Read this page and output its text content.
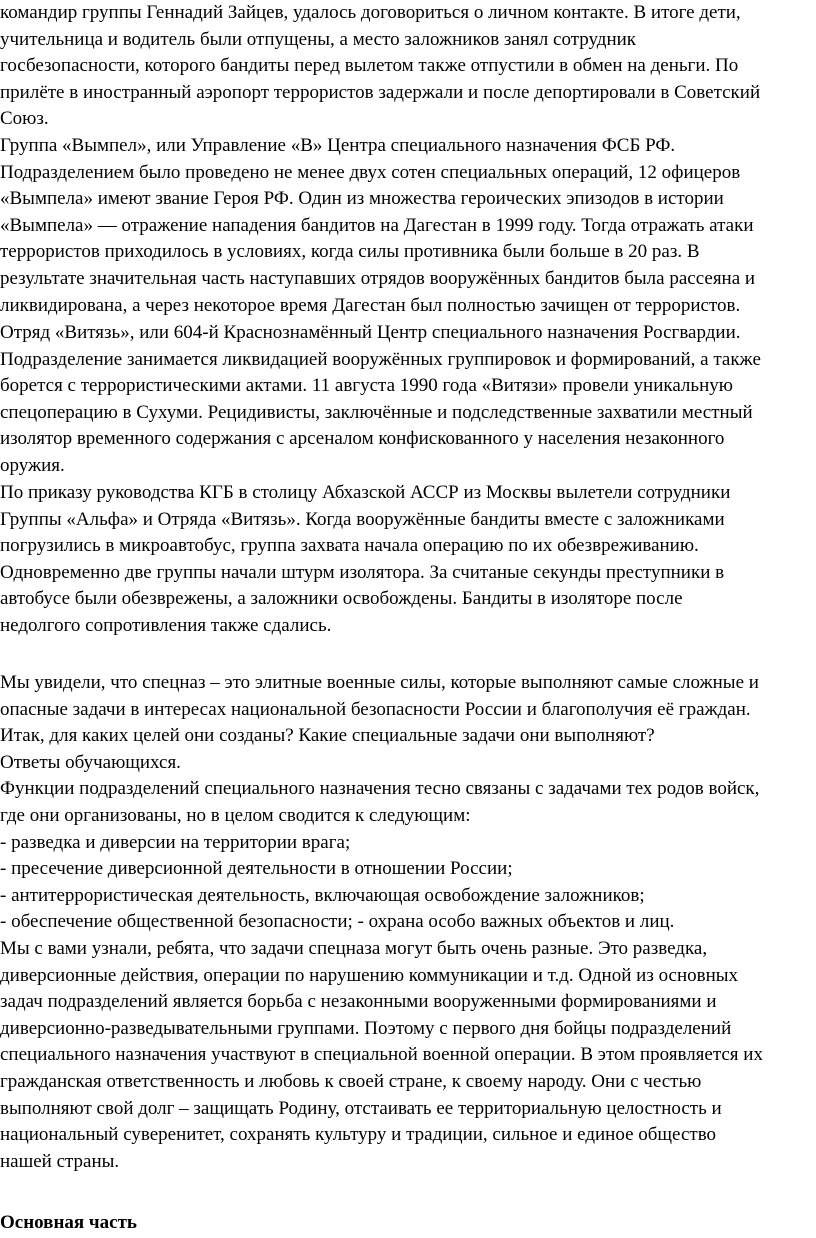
командир группы Геннадий Зайцев, удалось договориться о личном контакте. В итоге дети,
учительница и водитель были отпущены, а место заложников занял сотрудник
госбезопасности, которого бандиты перед вылетом также отпустили в обмен на деньги. По
прилёте в иностранный аэропорт террористов задержали и после депортировали в Советский
Союз.
Группа «Вымпел», или Управление «В» Центра специального назначения ФСБ РФ.
Подразделением было проведено не менее двух сотен специальных операций, 12 офицеров
«Вымпела» имеют звание Героя РФ. Один из множества героических эпизодов в истории
«Вымпела» — отражение нападения бандитов на Дагестан в 1999 году. Тогда отражать атаки
террористов приходилось в условиях, когда силы противника были больше в 20 раз. В
результате значительная часть наступавших отрядов вооружённых бандитов была рассеяна и
ликвидирована, а через некоторое время Дагестан был полностью зачищен от террористов.
Отряд «Витязь», или 604-й Краснознамённый Центр специального назначения Росгвардии.
Подразделение занимается ликвидацией вооружённых группировок и формирований, а также
борется с террористическими актами. 11 августа 1990 года «Витязи» провели уникальную
спецоперацию в Сухуми. Рецидивисты, заключённые и подследственные захватили местный
изолятор временного содержания с арсеналом конфискованного у населения незаконного
оружия.
По приказу руководства КГБ в столицу Абхазской АССР из Москвы вылетели сотрудники
Группы «Альфа» и Отряда «Витязь». Когда вооружённые бандиты вместе с заложниками
погрузились в микроавтобус, группа захвата начала операцию по их обезвреживанию.
Одновременно две группы начали штурм изолятора. За считаные секунды преступники в
автобусе были обезврежены, а заложники освобождены. Бандиты в изоляторе после
недолгого сопротивления также сдались.
Мы увидели, что спецназ – это элитные военные силы, которые выполняют самые сложные и
опасные задачи в интересах национальной безопасности России и благополучия её граждан.
Итак, для каких целей они созданы? Какие специальные задачи они выполняют?
Ответы обучающихся.
Функции подразделений специального назначения тесно связаны с задачами тех родов войск,
где они организованы, но в целом сводится к следующим:
- разведка и диверсии на территории врага;
- пресечение диверсионной деятельности в отношении России;
- антитеррористическая деятельность, включающая освобождение заложников;
- обеспечение общественной безопасности; - охрана особо важных объектов и лиц.
Мы с вами узнали, ребята, что задачи спецназа могут быть очень разные. Это разведка,
диверсионные действия, операции по нарушению коммуникации и т.д. Одной из основных
задач подразделений является борьба с незаконными вооруженными формированиями и
диверсионно-разведывательными группами. Поэтому с первого дня бойцы подразделений
специального назначения участвуют в специальной военной операции. В этом проявляется их
гражданская ответственность и любовь к своей стране, к своему народу. Они с честью
выполняют свой долг – защищать Родину, отстаивать ее территориальную целостность и
национальный суверенитет, сохранять культуру и традиции, сильное и единое общество
нашей страны.
Основная часть
